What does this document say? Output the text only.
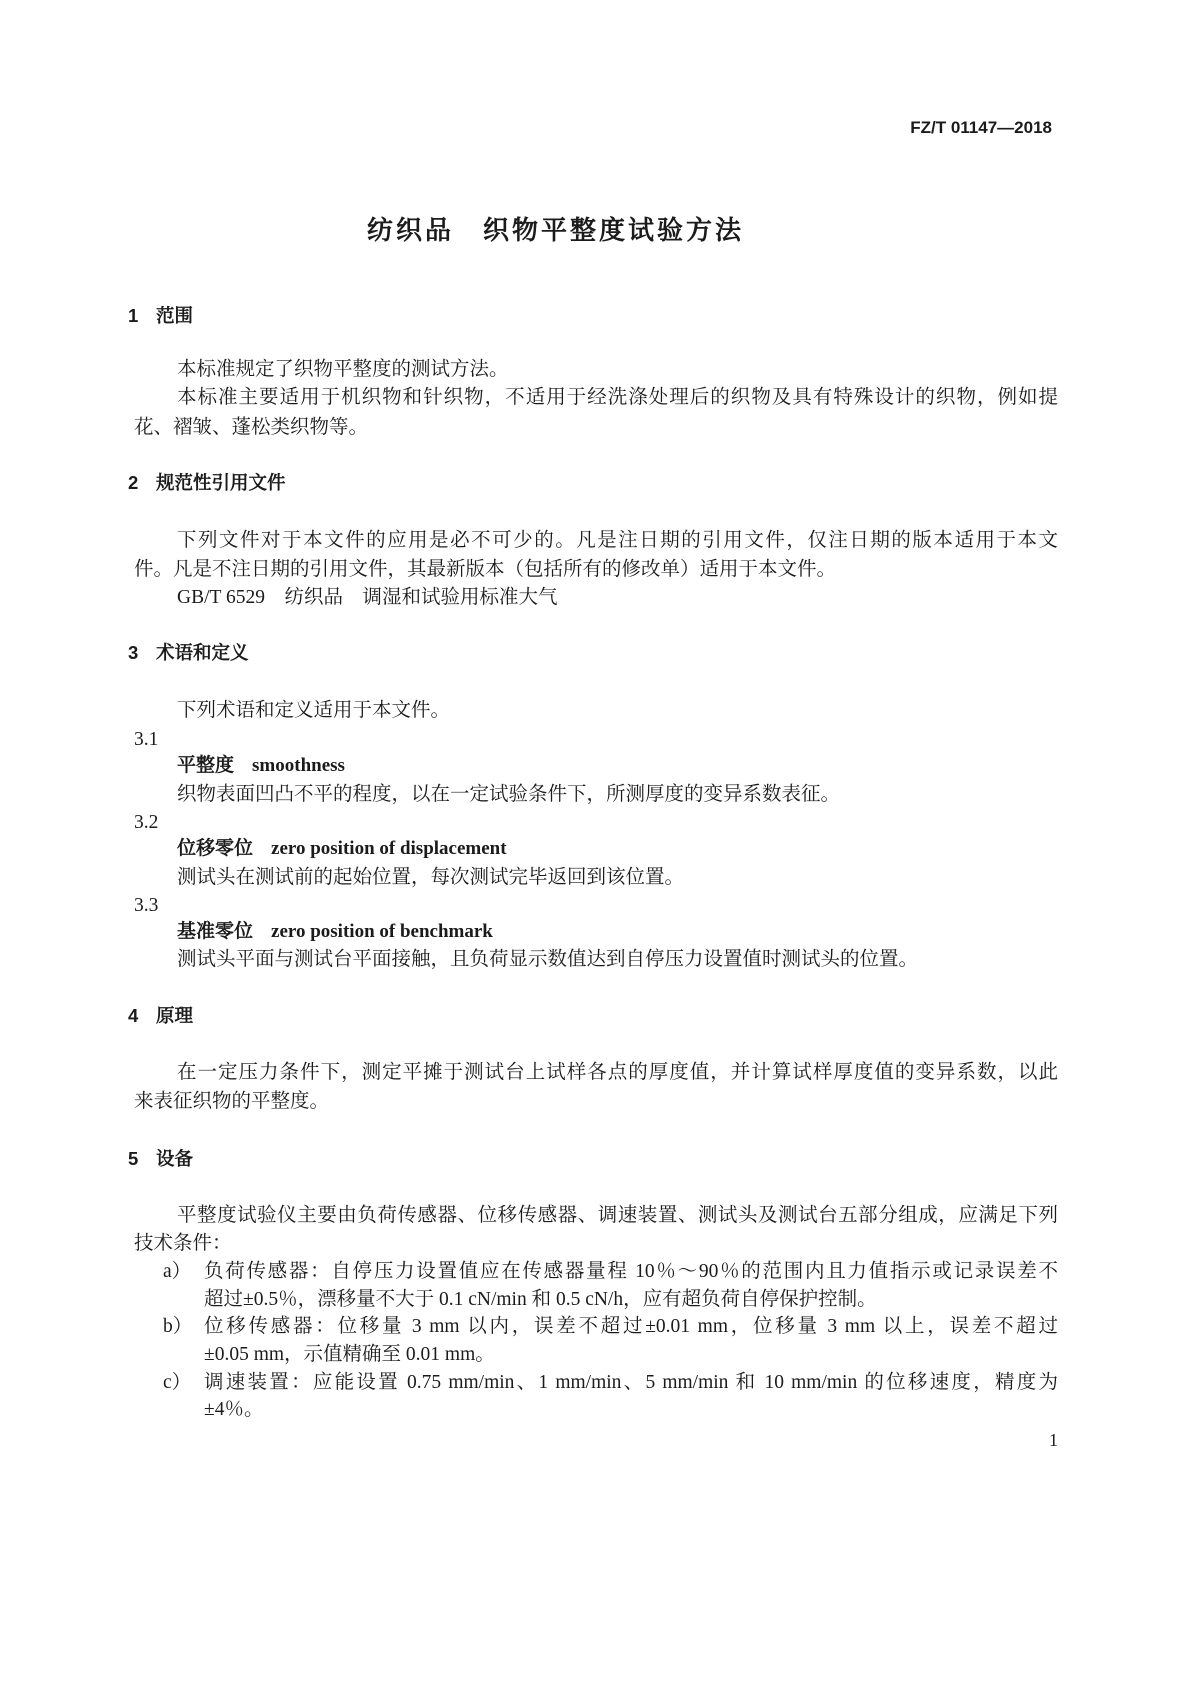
FZ/T 01147—2018
纺织品　织物平整度试验方法
1 范围
本标准规定了织物平整度的测试方法。
本标准主要适用于机织物和针织物，不适用于经洗涤处理后的织物及具有特殊设计的织物，例如提
花、褶皱、蓬松类织物等。
2 规范性引用文件
下列文件对于本文件的应用是必不可少的。凡是注日期的引用文件，仅注日期的版本适用于本文
件。凡是不注日期的引用文件，其最新版本（包括所有的修改单）适用于本文件。
GB/T 6529　纺织品　调湿和试验用标准大气
3 术语和定义
下列术语和定义适用于本文件。
3.1
平整度 smoothness
织物表面凹凸不平的程度，以在一定试验条件下，所测厚度的变异系数表征。
3.2
位移零位 zero position of displacement
测试头在测试前的起始位置，每次测试完毕返回到该位置。
3.3
基准零位 zero position of benchmark
测试头平面与测试台平面接触，且负荷显示数值达到自停压力设置值时测试头的位置。
4 原理
在一定压力条件下，测定平摊于测试台上试样各点的厚度值，并计算试样厚度值的变异系数，以此
来表征织物的平整度。
5 设备
平整度试验仪主要由负荷传感器、位移传感器、调速装置、测试头及测试台五部分组成，应满足下列
技术条件：
a） 负荷传感器：自停压力设置值应在传感器量程 10％～90％的范围内且力值指示或记录误差不
超过±0.5％，漂移量不大于 0.1 cN/min 和 0.5 cN/h，应有超负荷自停保护控制。
b） 位移传感器：位移量 3 mm 以内，误差不超过±0.01 mm，位移量 3 mm 以上，误差不超过
±0.05 mm，示值精确至 0.01 mm。
c） 调速装置：应能设置 0.75 mm/min、1 mm/min、5 mm/min 和 10 mm/min 的位移速度，精度为
±4％。
1
